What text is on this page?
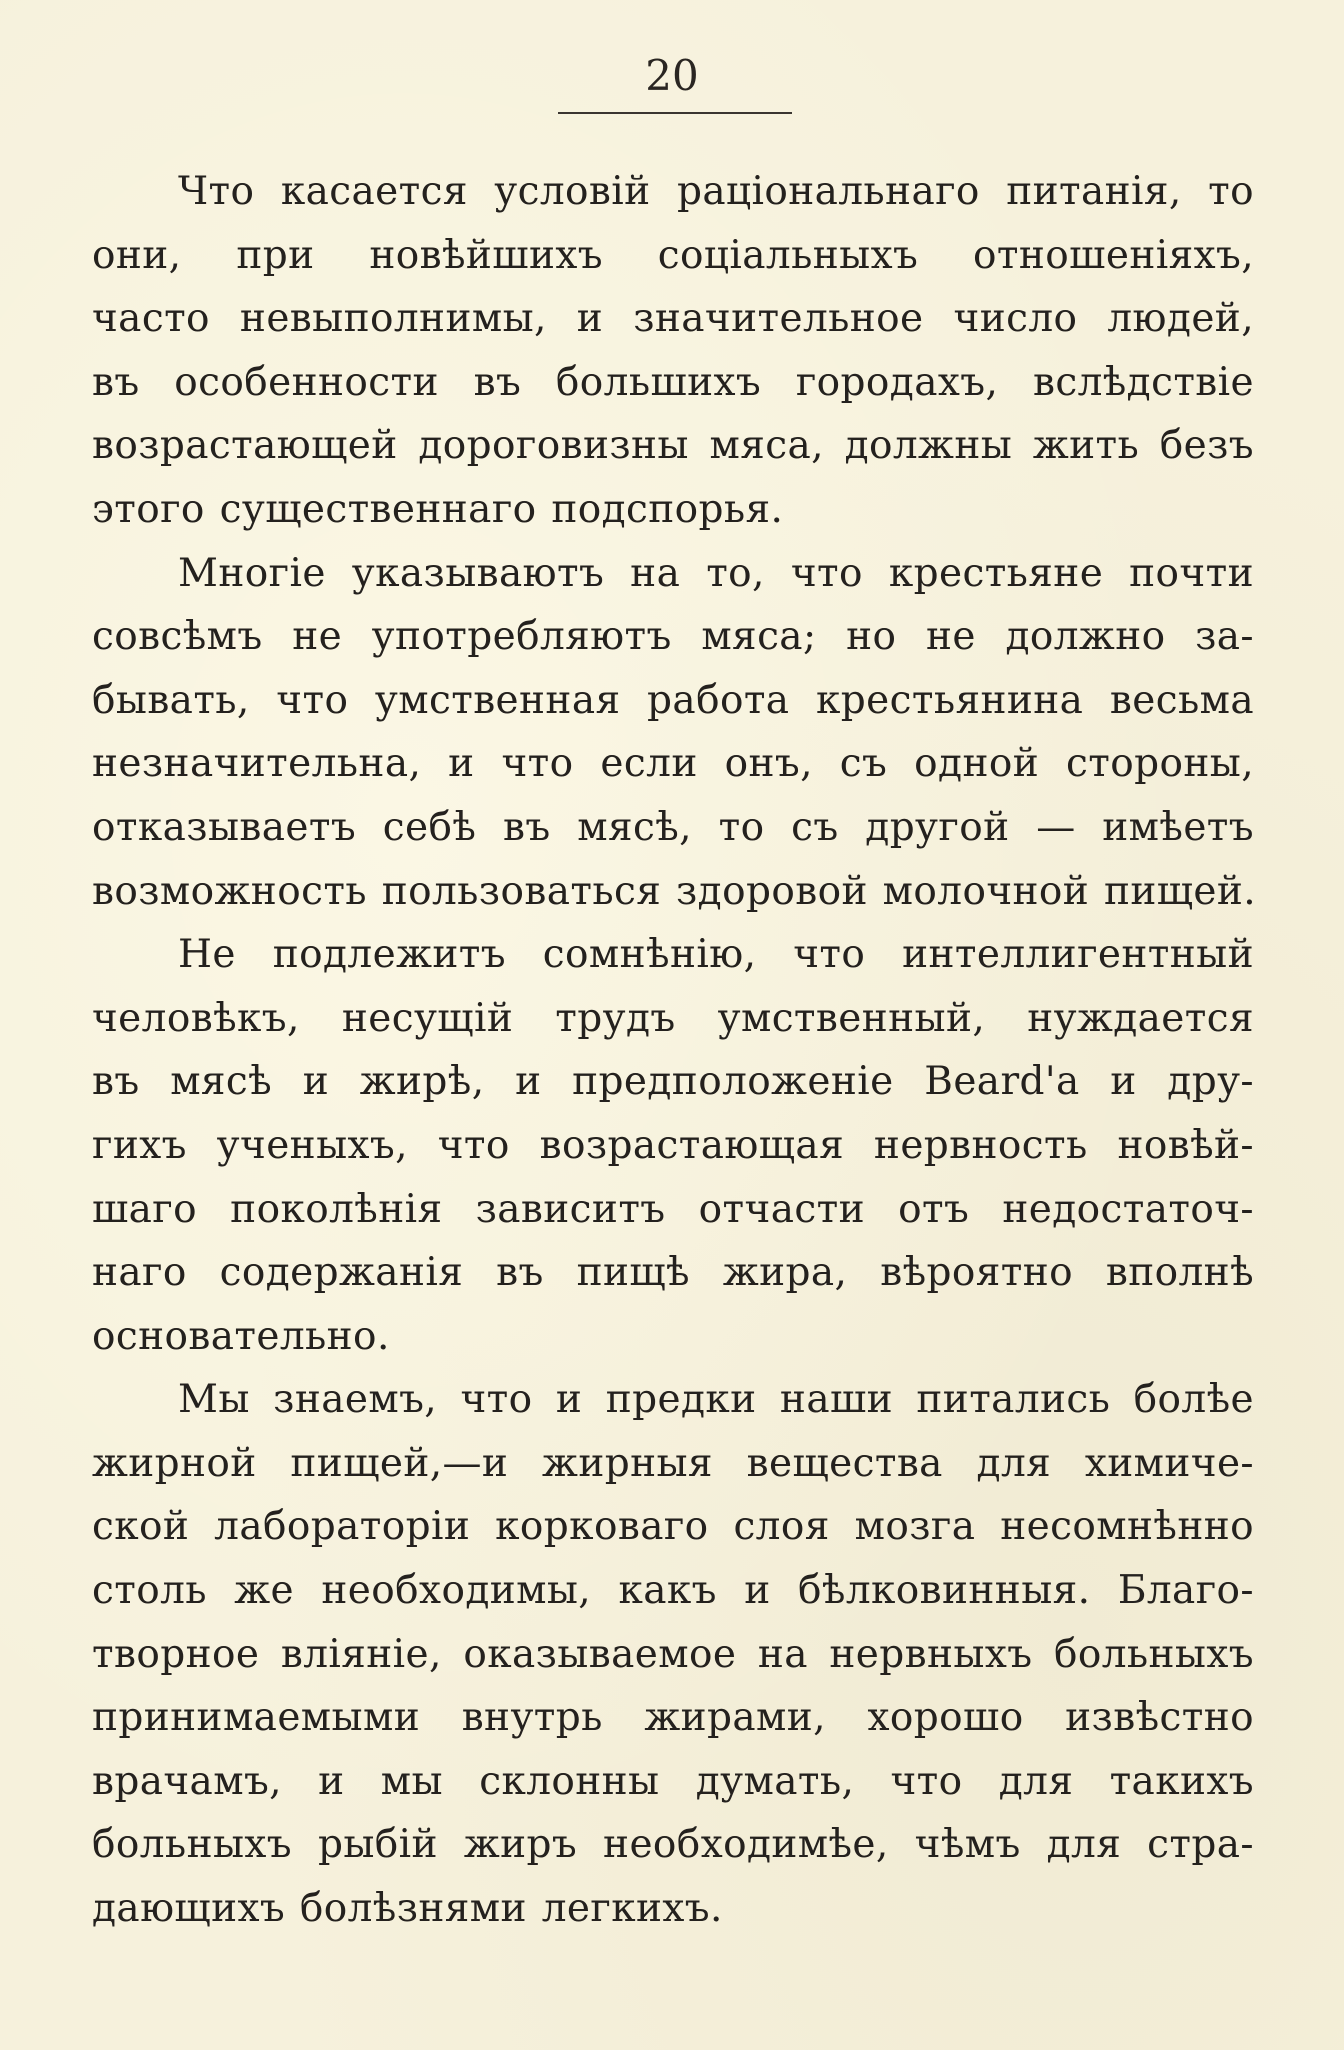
20
Что касается условій раціональнаго питанія, то
они, при новѣйшихъ соціальныхъ отношеніяхъ,
часто невыполнимы, и значительное число людей,
въ особенности въ большихъ городахъ, вслѣдствіе
возрастающей дороговизны мяса, должны жить безъ
этого существеннаго подспорья.
Многіе указываютъ на то, что крестьяне почти
совсѣмъ не употребляютъ мяса; но не должно за-
бывать, что умственная работа крестьянина весьма
незначительна, и что если онъ, съ одной стороны,
отказываетъ себѣ въ мясѣ, то съ другой — имѣетъ
возможность пользоваться здоровой молочной пищей.
Не подлежитъ сомнѣнію, что интеллигентный
человѣкъ, несущій трудъ умственный, нуждается
въ мясѣ и жирѣ, и предположеніе Beard'a и дру-
гихъ ученыхъ, что возрастающая нервность новѣй-
шаго поколѣнія зависитъ отчасти отъ недостаточ-
наго содержанія въ пищѣ жира, вѣроятно вполнѣ
основательно.
Мы знаемъ, что и предки наши питались болѣе
жирной пищей,—и жирныя вещества для химиче-
ской лабораторіи корковаго слоя мозга несомнѣнно
столь же необходимы, какъ и бѣлковинныя. Благо-
творное вліяніе, оказываемое на нервныхъ больныхъ
принимаемыми внутрь жирами, хорошо извѣстно
врачамъ, и мы склонны думать, что для такихъ
больныхъ рыбій жиръ необходимѣе, чѣмъ для стра-
дающихъ болѣзнями легкихъ.
